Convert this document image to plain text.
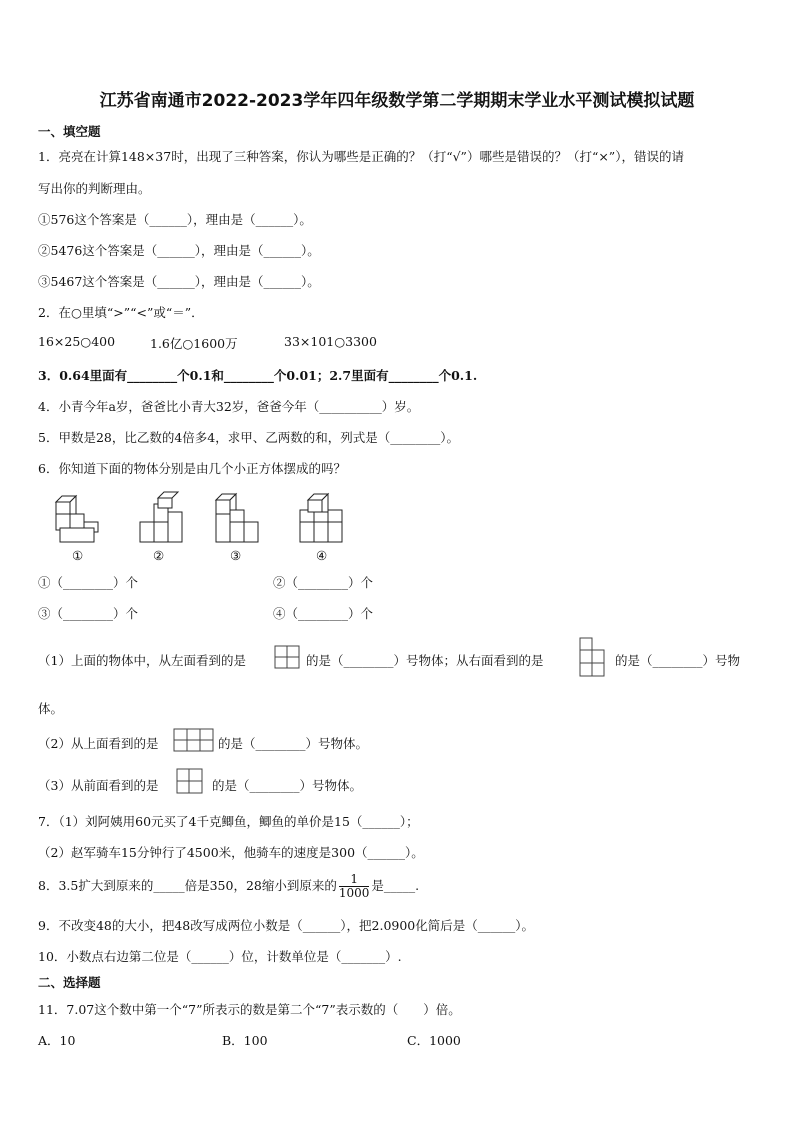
江苏省南通市2022-2023学年四年级数学第二学期期末学业水平测试模拟试题
一、填空题
1．亮亮在计算148×37时，出现了三种答案，你认为哪些是正确的？（打“√”）哪些是错误的？（打“×”），错误的请
写出你的判断理由。
①576这个答案是（______），理由是（______）。
②5476这个答案是（______），理由是（______）。
③5467这个答案是（______），理由是（______）。
2．在○里填“>”“<”或“＝”．
16×25○400	1.6亿○1600万	33×101○3300
3．0.64里面有________个0.1和________个0.01；2.7里面有________个0.1.
4．小青今年a岁，爸爸比小青大32岁，爸爸今年（__________）岁。
5．甲数是28，比乙数的4倍多4，求甲、乙两数的和，列式是（________）。
6．你知道下面的物体分别是由几个小正方体摆成的吗？
①	②	③	④
①（________）个	②（________）个
③（________）个	④（________）个
（1）上面的物体中，从左面看到的是	的是（________）号物体；从右面看到的是	的是（________）号物
体。
（2）从上面看到的是	的是（________）号物体。
（3）从前面看到的是	的是（________）号物体。
7．（1）刘阿姨用60元买了4千克鲫鱼，鲫鱼的单价是15（______）；
（2）赵军骑车15分钟行了4500米，他骑车的速度是300（______）。
8．3.5扩大到原来的_____倍是350，28缩小到原来的 $\frac{1}{1000}$ 是_____.
9．不改变48的大小，把48改写成两位小数是（______），把2.0900化简后是（______）。
10．小数点右边第二位是（______）位，计数单位是（_______）.
二、选择题
11．7.07这个数中第一个“7”所表示的数是第二个“7”表示数的（　　）倍。
A．10	B．100	C．1000
